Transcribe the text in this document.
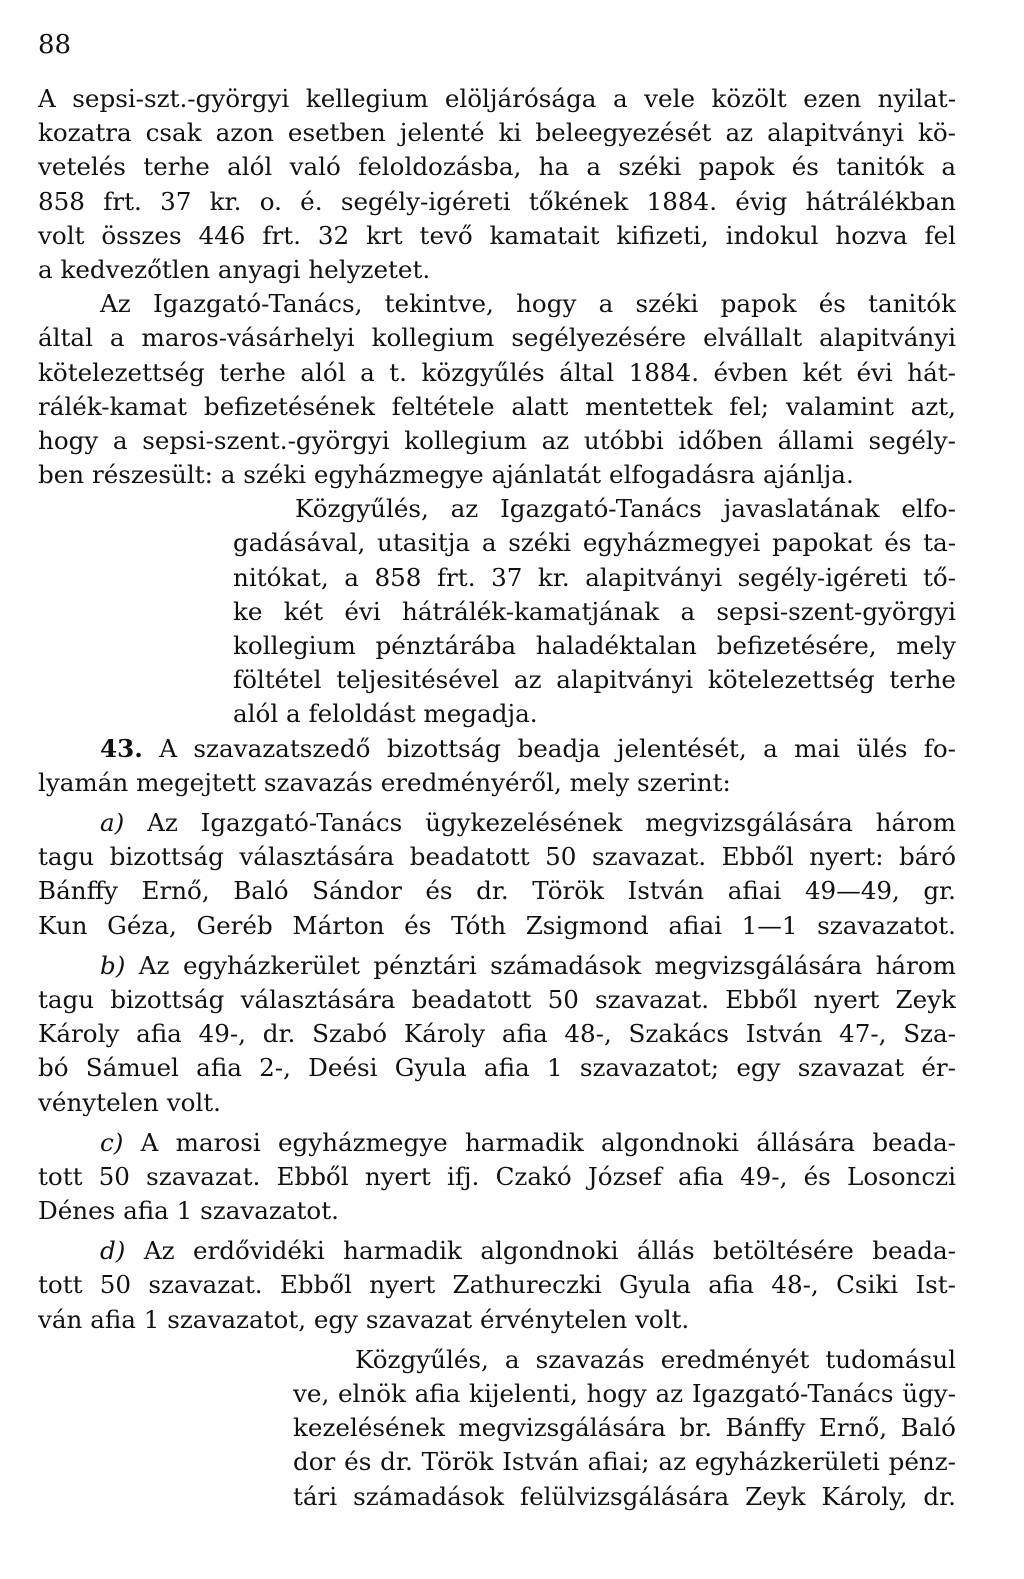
88
A sepsi-szt.-györgyi kellegium elöljárósága a vele közölt ezen nyilat-
kozatra csak azon esetben jelenté ki beleegyezését az alapitványi kö-
vetelés terhe alól való feloldozásba, ha a széki papok és tanitók a
858 frt. 37 kr. o. é. segély-igéreti tőkének 1884. évig hátrálékban
volt összes 446 frt. 32 krt tevő kamatait kifizeti, indokul hozva fel
a kedvezőtlen anyagi helyzetet.
Az Igazgató-Tanács, tekintve, hogy a széki papok és tanitók
által a maros-vásárhelyi kollegium segélyezésére elvállalt alapitványi
kötelezettség terhe alól a t. közgyűlés által 1884. évben két évi hát-
rálék-kamat befizetésének feltétele alatt mentettek fel; valamint azt,
hogy a sepsi-szent.-györgyi kollegium az utóbbi időben állami segély-
ben részesült: a széki egyházmegye ajánlatát elfogadásra ajánlja.
Közgyűlés, az Igazgató-Tanács javaslatának elfo-
gadásával, utasitja a széki egyházmegyei papokat és ta-
nitókat, a 858 frt. 37 kr. alapitványi segély-igéreti tő-
ke két évi hátrálék-kamatjának a sepsi-szent-györgyi
kollegium pénztárába haladéktalan befizetésére, mely
föltétel teljesitésével az alapitványi kötelezettség terhe
alól a feloldást megadja.
43. A szavazatszedő bizottság beadja jelentését, a mai ülés fo-
lyamán megejtett szavazás eredményéről, mely szerint:
a) Az Igazgató-Tanács ügykezelésének megvizsgálására három
tagu bizottság választására beadatott 50 szavazat. Ebből nyert: báró
Bánffy Ernő, Baló Sándor és dr. Török István afiai 49—49, gr.
Kun Géza, Geréb Márton és Tóth Zsigmond afiai 1—1 szavazatot.
b) Az egyházkerület pénztári számadások megvizsgálására három
tagu bizottság választására beadatott 50 szavazat. Ebből nyert Zeyk
Károly afia 49-, dr. Szabó Károly afia 48-, Szakács István 47-, Sza-
bó Sámuel afia 2-, Deési Gyula afia 1 szavazatot; egy szavazat ér-
vénytelen volt.
c) A marosi egyházmegye harmadik algondnoki állására beada-
tott 50 szavazat. Ebből nyert ifj. Czakó József afia 49-, és Losonczi
Dénes afia 1 szavazatot.
d) Az erdővidéki harmadik algondnoki állás betöltésére beada-
tott 50 szavazat. Ebből nyert Zathureczki Gyula afia 48-, Csiki Ist-
ván afia 1 szavazatot, egy szavazat érvénytelen volt.
Közgyűlés, a szavazás eredményét tudomásul
ve, elnök afia kijelenti, hogy az Igazgató-Tanács ügy-
kezelésének megvizsgálására br. Bánffy Ernő, Baló
dor és dr. Török István afiai; az egyházkerületi pénz-
tári számadások felülvizsgálására Zeyk Károly, dr.
